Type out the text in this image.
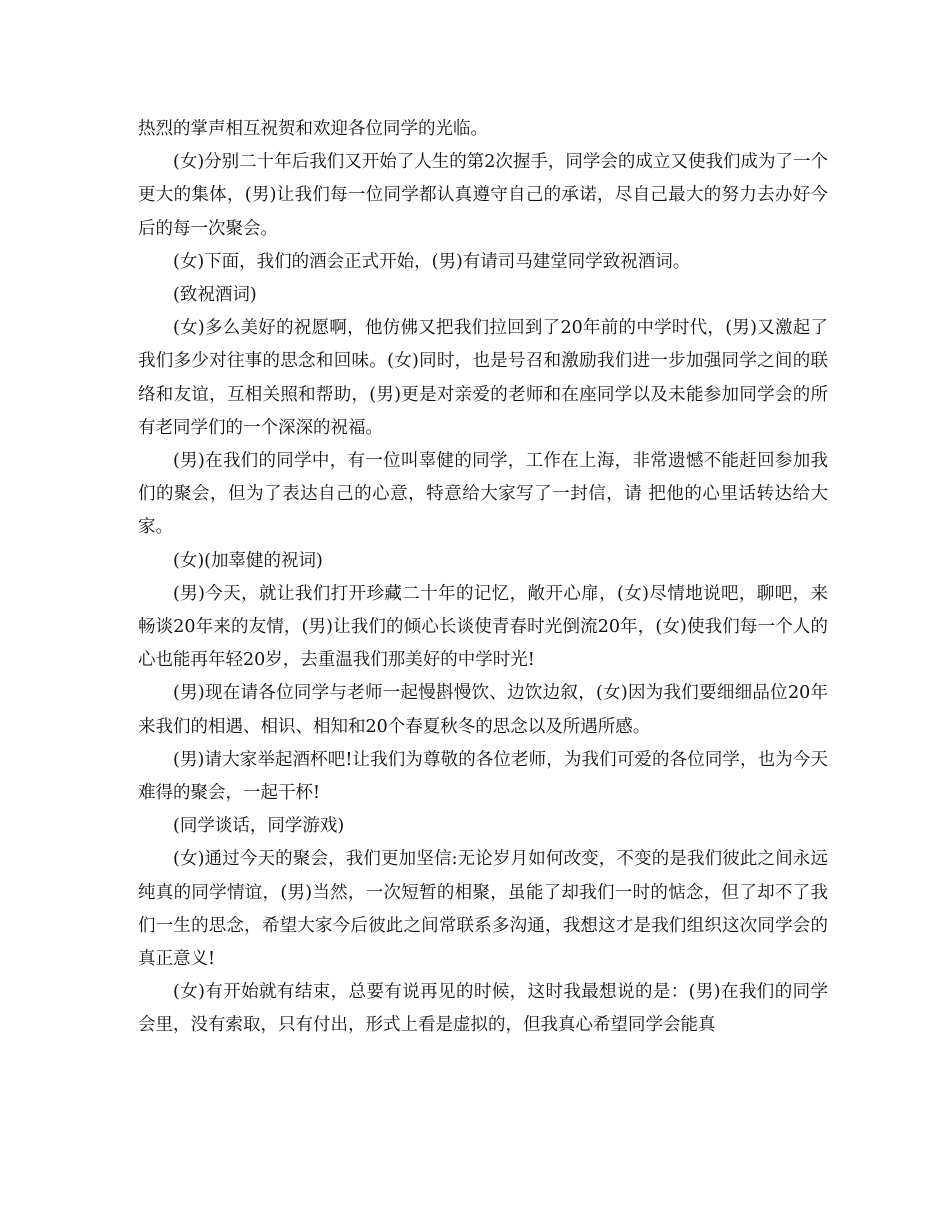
热烈的掌声相互祝贺和欢迎各位同学的光临。

(女)分别二十年后我们又开始了人生的第2次握手，同学会的成立又使我们成为了一个更大的集体，(男)让我们每一位同学都认真遵守自己的承诺，尽自己最大的努力去办好今后的每一次聚会。

(女)下面，我们的酒会正式开始，(男)有请司马建堂同学致祝酒词。

(致祝酒词)

(女)多么美好的祝愿啊，他仿佛又把我们拉回到了20年前的中学时代，(男)又激起了我们多少对往事的思念和回味。(女)同时，也是号召和激励我们进一步加强同学之间的联络和友谊，互相关照和帮助，(男)更是对亲爱的老师和在座同学以及未能参加同学会的所有老同学们的一个深深的祝福。

(男)在我们的同学中，有一位叫辜健的同学，工作在上海，非常遗憾不能赶回参加我们的聚会，但为了表达自己的心意，特意给大家写了一封信，请 把他的心里话转达给大家。

(女)(加辜健的祝词)

(男)今天，就让我们打开珍藏二十年的记忆，敞开心扉，(女)尽情地说吧，聊吧，来畅谈20年来的友情，(男)让我们的倾心长谈使青春时光倒流20年，(女)使我们每一个人的心也能再年轻20岁，去重温我们那美好的中学时光!

(男)现在请各位同学与老师一起慢斟慢饮、边饮边叙，(女)因为我们要细细品位20年来我们的相遇、相识、相知和20个春夏秋冬的思念以及所遇所感。

(男)请大家举起酒杯吧!让我们为尊敬的各位老师，为我们可爱的各位同学，也为今天难得的聚会，一起干杯!

(同学谈话，同学游戏)

(女)通过今天的聚会，我们更加坚信:无论岁月如何改变，不变的是我们彼此之间永远纯真的同学情谊，(男)当然，一次短暂的相聚，虽能了却我们一时的惦念，但了却不了我们一生的思念，希望大家今后彼此之间常联系多沟通，我想这才是我们组织这次同学会的真正意义!

(女)有开始就有结束，总要有说再见的时候，这时我最想说的是：(男)在我们的同学会里，没有索取，只有付出，形式上看是虚拟的，但我真心希望同学会能真
